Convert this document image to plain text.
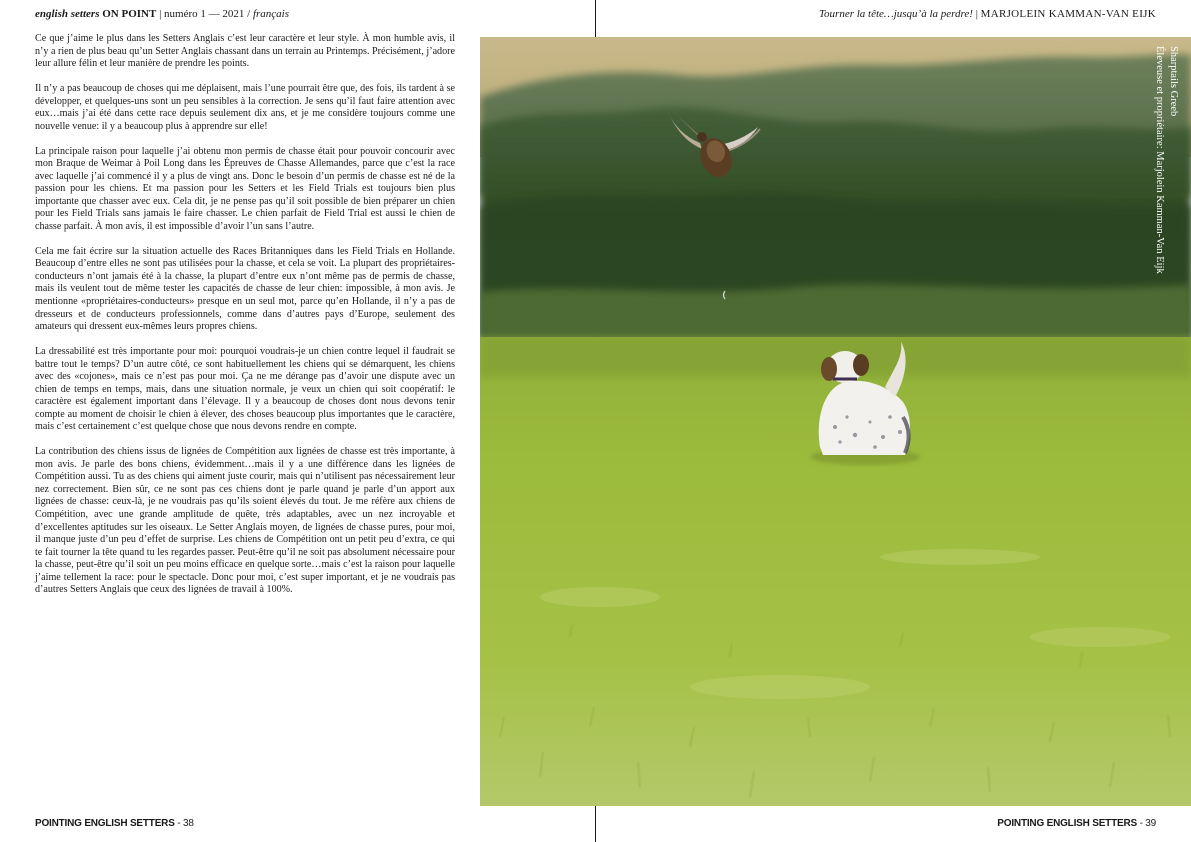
english setters ON POINT | numéro 1 — 2021 / français	Tourner la tête…jusqu’à la perdre! | MARJOLEIN KAMMAN-VAN EIJK

Ce que j’aime le plus dans les Setters Anglais c’est leur caractère et leur style. À mon humble avis, il n’y a rien de plus beau qu’un Setter Anglais chassant dans un terrain au Printemps. Précisément, j’adore leur allure félin et leur manière de prendre les points.

Il n’y a pas beaucoup de choses qui me déplaisent, mais l’une pourrait être que, des fois, ils tardent à se développer, et quelques-uns sont un peu sensibles à la correction. Je sens qu’il faut faire attention avec eux…mais j’ai été dans cette race depuis seulement dix ans, et je me considère toujours comme une nouvelle venue: il y a beaucoup plus à apprendre sur elle!

La principale raison pour laquelle j’ai obtenu mon permis de chasse était pour pouvoir concourir avec mon Braque de Weimar à Poil Long dans les Épreuves de Chasse Allemandes, parce que c’est la race avec laquelle j’ai commencé il y a plus de vingt ans. Donc le besoin d’un permis de chasse est né de la passion pour les chiens. Et ma passion pour les Setters et les Field Trials est toujours bien plus importante que chasser avec eux. Cela dit, je ne pense pas qu’il soit possible de bien préparer un chien pour les Field Trials sans jamais le faire chasser. Le chien parfait de Field Trial est aussi le chien de chasse parfait. À mon avis, il est impossible d’avoir l’un sans l’autre.

Cela me fait écrire sur la situation actuelle des Races Britanniques dans les Field Trials en Hollande. Beaucoup d’entre elles ne sont pas utilisées pour la chasse, et cela se voit. La plupart des propriétaires-conducteurs n’ont jamais été à la chasse, la plupart d’entre eux n’ont même pas de permis de chasse, mais ils veulent tout de même tester les capacités de chasse de leur chien: impossible, à mon avis. Je mentionne «propriétaires-conducteurs» presque en un seul mot, parce qu’en Hollande, il n’y a pas de dresseurs et de conducteurs professionnels, comme dans d’autres pays d’Europe, seulement des amateurs qui dressent eux-mêmes leurs propres chiens.

La dressabilité est très importante pour moi: pourquoi voudrais-je un chien contre lequel il faudrait se battre tout le temps? D’un autre côté, ce sont habituellement les chiens qui se démarquent, les chiens avec des «cojones», mais ce n’est pas pour moi. Ça ne me dérange pas d’avoir une dispute avec un chien de temps en temps, mais, dans une situation normale, je veux un chien qui soit coopératif: le caractère est également important dans l’élevage. Il y a beaucoup de choses dont nous devons tenir compte au moment de choisir le chien à élever, des choses beaucoup plus importantes que le caractère, mais c’est certainement c’est quelque chose que nous devons rendre en compte.

La contribution des chiens issus de lignées de Compétition aux lignées de chasse est très importante, à mon avis. Je parle des bons chiens, évidemment…mais il y a une différence dans les lignées de Compétition aussi. Tu as des chiens qui aiment juste courir, mais qui n’utilisent pas nécessairement leur nez correctement. Bien sûr, ce ne sont pas ces chiens dont je parle quand je parle d’un apport aux lignées de chasse: ceux-là, je ne voudrais pas qu’ils soient élevés du tout. Je me réfère aux chiens de Compétition, avec une grande amplitude de quête, très adaptables, avec un nez incroyable et d’excellentes aptitudes sur les oiseaux. Le Setter Anglais moyen, de lignées de chasse pures, pour moi, il manque juste d’un peu d’effet de surprise. Les chiens de Compétition ont un petit peu d’extra, ce qui te fait tourner la tête quand tu les regardes passer. Peut-être qu’il ne soit pas absolument nécessaire pour la chasse, peut-être qu’il soit un peu moins efficace en quelque sorte…mais c’est la raison pour laquelle j’aime tellement la race: pour le spectacle. Donc pour moi, c’est super important, et je ne voudrais pas d’autres Setters Anglais que ceux des lignées de travail à 100%.

Sharptails Greeb
Éleveuse et propriétaire: Marjolein Kamman-Van Eijk
POINTING ENGLISH SETTERS - 38	POINTING ENGLISH SETTERS - 39
